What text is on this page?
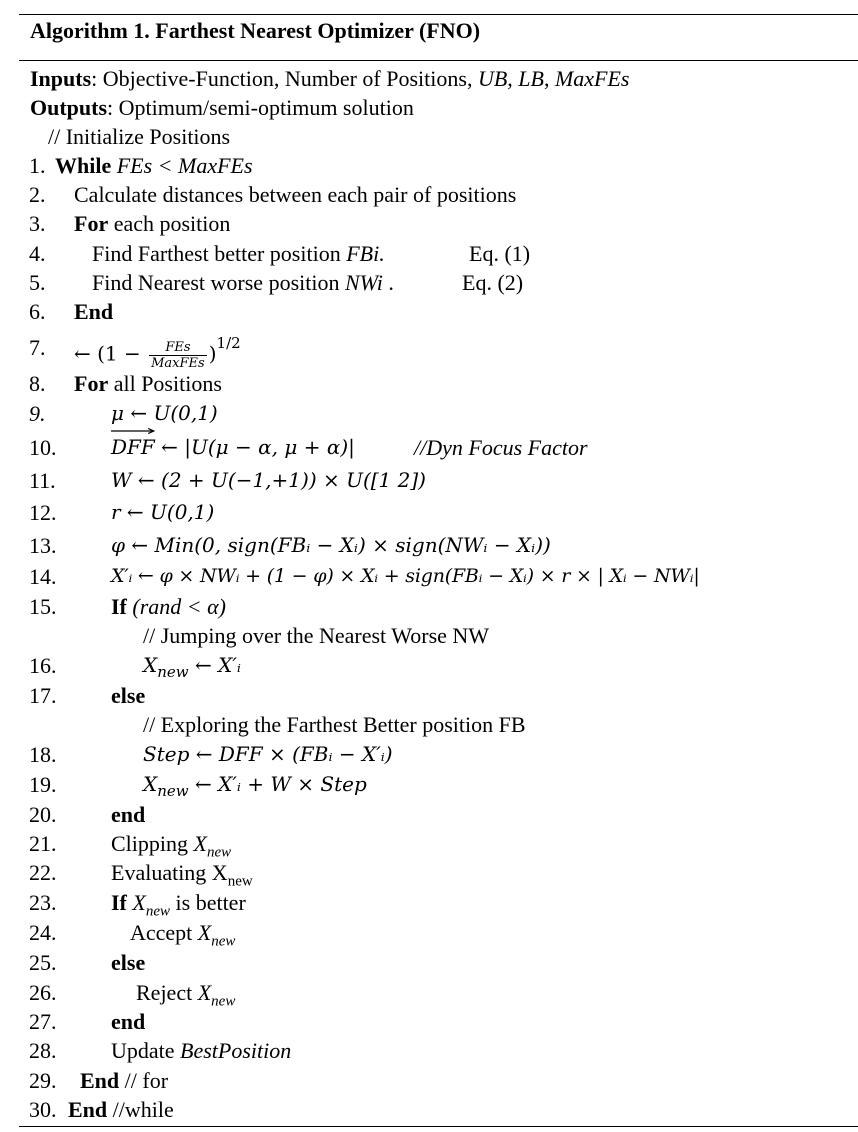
Algorithm 1. Farthest Nearest Optimizer (FNO)
Inputs: Objective-Function, Number of Positions, UB, LB, MaxFEs
Outputs: Optimum/semi-optimum solution
// Initialize Positions
1. While FEs < MaxFEs
2. Calculate distances between each pair of positions
3. For each position
4. Find Farthest better position FBi.	Eq. (1)
5. Find Nearest worse position NWi .	Eq. (2)
6. End
7. ← $(1 - \frac{\text{FEs}}{\text{MaxFEs}} )^{1/2}$
8. For all Positions
9.	μ ← U(0,1)
10.	DFF ← |U(μ − α, μ + α)|	//Dyn Focus Factor
11.	W ← (2 + U(−1,+1)) × U([1 2])
12.	r ← U(0,1)
13.	φ ← Min(0, sign(FBᵢ − Xᵢ) × sign(NWᵢ − Xᵢ))
14.	X′ᵢ ← φ × NWᵢ + (1 − φ) × Xᵢ + sign(FBᵢ − Xᵢ) × r × | Xᵢ − NWᵢ|
15. If (rand < α)
// Jumping over the Nearest Worse NW
16.	$X_{new}$ ← X′ᵢ
17. else
// Exploring the Farthest Better position FB
18.	Step ← DFF × (FBᵢ − X′ᵢ)
19.	$X_{new}$ ← X′ᵢ + W × Step
20. end
21. Clipping $X_{new}$
22. Evaluating $X_{new}$
23. If $X_{new}$ is better
24.	Accept $X_{new}$
25. else
26.	Reject $X_{new}$
27. end
28. Update BestPosition
29. End // for
30. End //while
